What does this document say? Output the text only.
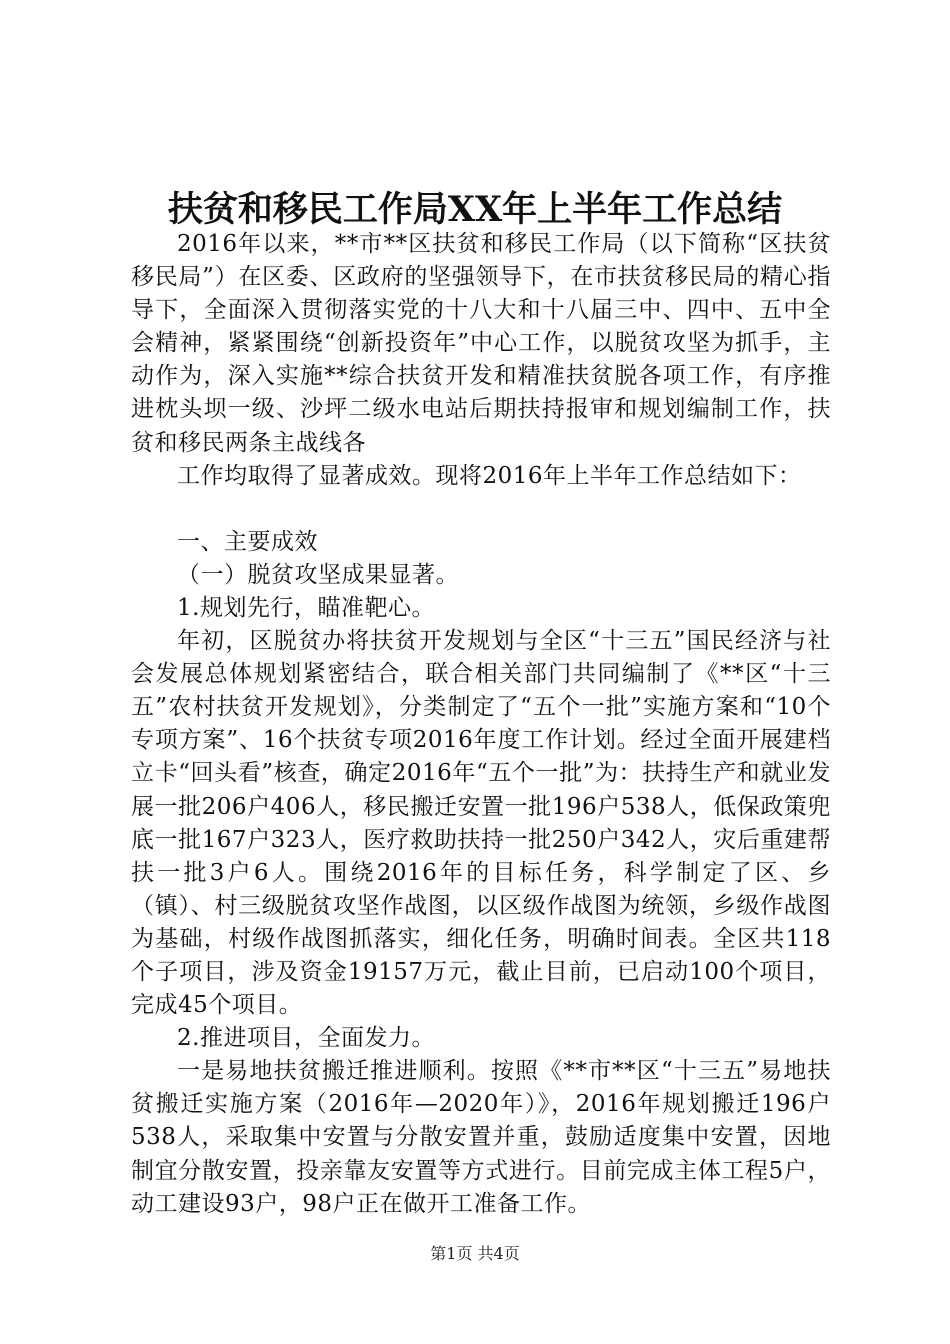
扶贫和移民工作局XX年上半年工作总结

2016年以来，**市**区扶贫和移民工作局（以下简称“区扶贫移民局”）在区委、区政府的坚强领导下，在市扶贫移民局的精心指导下，全面深入贯彻落实党的十八大和十八届三中、四中、五中全会精神，紧紧围绕“创新投资年”中心工作，以脱贫攻坚为抓手，主动作为，深入实施**综合扶贫开发和精准扶贫脱各项工作，有序推进枕头坝一级、沙坪二级水电站后期扶持报审和规划编制工作，扶贫和移民两条主战线各

工作均取得了显著成效。现将2016年上半年工作总结如下：

一、主要成效

（一）脱贫攻坚成果显著。

1.规划先行，瞄准靶心。

年初，区脱贫办将扶贫开发规划与全区“十三五”国民经济与社会发展总体规划紧密结合，联合相关部门共同编制了《**区“十三五”农村扶贫开发规划》，分类制定了“五个一批”实施方案和“10个专项方案”、16个扶贫专项2016年度工作计划。经过全面开展建档立卡“回头看”核查，确定2016年“五个一批”为：扶持生产和就业发展一批206户406人，移民搬迁安置一批196户538人，低保政策兜底一批167户323人，医疗救助扶持一批250户342人，灾后重建帮扶一批3户6人。围绕2016年的目标任务，科学制定了区、乡（镇）、村三级脱贫攻坚作战图，以区级作战图为统领，乡级作战图为基础，村级作战图抓落实，细化任务，明确时间表。全区共118个子项目，涉及资金19157万元，截止目前，已启动100个项目，完成45个项目。

2.推进项目，全面发力。

一是易地扶贫搬迁推进顺利。按照《**市**区“十三五”易地扶贫搬迁实施方案（2016年—2020年）》，2016年规划搬迁196户538人，采取集中安置与分散安置并重，鼓励适度集中安置，因地制宜分散安置，投亲靠友安置等方式进行。目前完成主体工程5户，动工建设93户，98户正在做开工准备工作。

第1页 共4页
